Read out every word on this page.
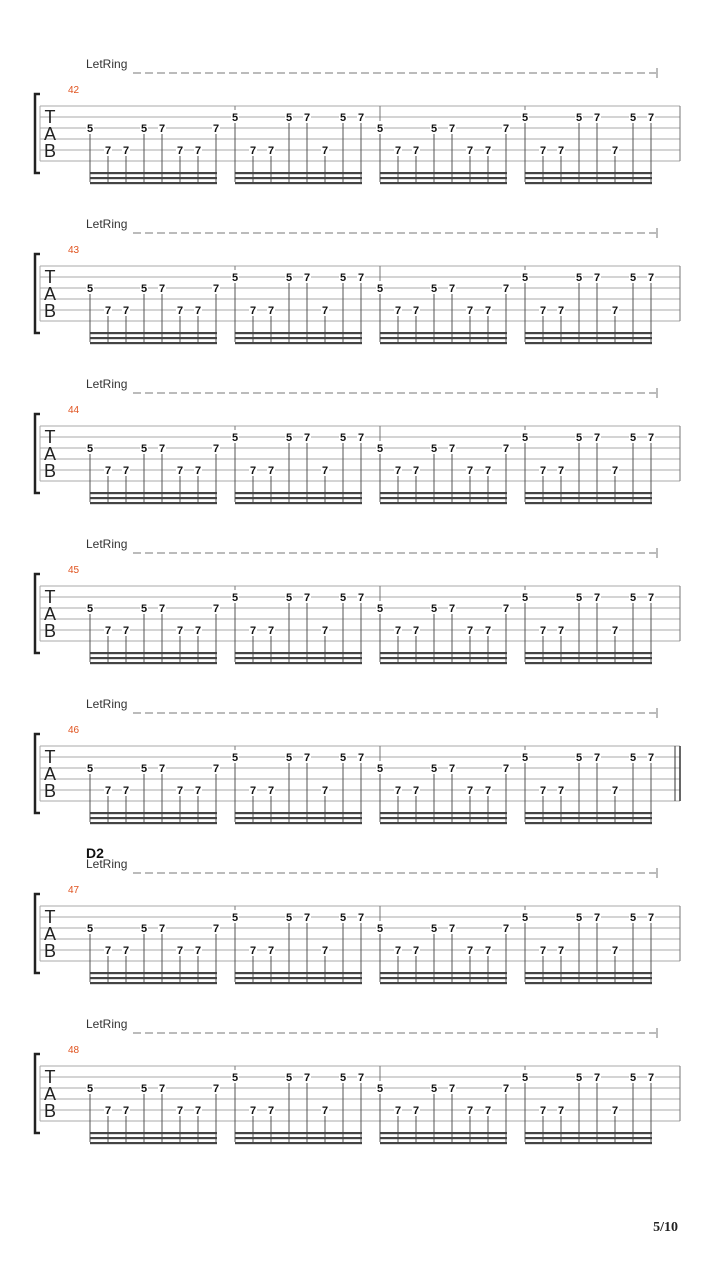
LetRing
42
T
A
B
5
7 7
5 7
7 7
7
5
7 7
5 7
7
5 7
5
7 7
5 7
7 7
7
5
7 7
5 7
7
5 7
LetRing
43
T
A
B
5
7 7
5 7
7 7
7
5
7 7
5 7
7
5 7
5
7 7
5 7
7 7
7
5
7 7
5 7
7
5 7
LetRing
44
T
A
B
5
7 7
5 7
7 7
7
5
7 7
5 7
7
5 7
5
7 7
5 7
7 7
7
5
7 7
5 7
7
5 7
LetRing
45
T
A
B
5
7 7
5 7
7 7
7
5
7 7
5 7
7
5 7
5
7 7
5 7
7 7
7
5
7 7
5 7
7
5 7
LetRing
46
T
A
B
5
7 7
5 7
7 7
7
5
7 7
5 7
7
5 7
5
7 7
5 7
7 7
7
5
7 7
5 7
7
5 7
D2
LetRing
47
T
A
B
5
7 7
5 7
7 7
7
5
7 7
5 7
7
5 7
5
7 7
5 7
7 7
7
5
7 7
5 7
7
5 7
LetRing
48
T
A
B
5
7 7
5 7
7 7
7
5
7 7
5 7
7
5 7
5
7 7
5 7
7 7
7
5
7 7
5 7
7
5 7
5/10
